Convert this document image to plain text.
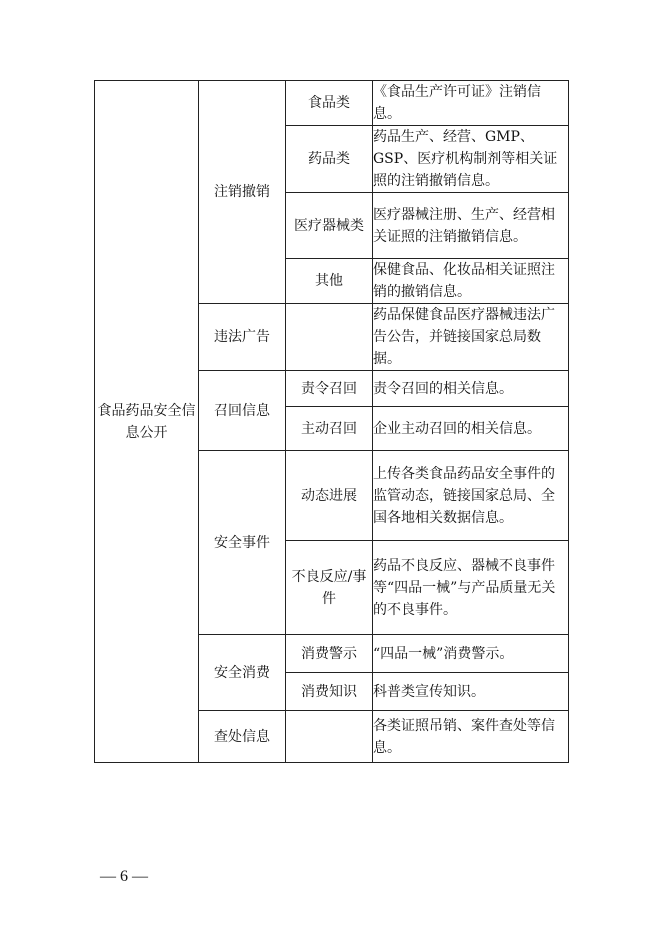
食品药品安全信息公开	注销撤销	食品类	《食品生产许可证》注销信息。
		药品类	药品生产、经营、GMP、GSP、医疗机构制剂等相关证照的注销撤销信息。
		医疗器械类	医疗器械注册、生产、经营相关证照的注销撤销信息。
		其他	保健食品、化妆品相关证照注销的撤销信息。
	违法广告		药品保健食品医疗器械违法广告公告，并链接国家总局数据。
	召回信息	责令召回	责令召回的相关信息。
		主动召回	企业主动召回的相关信息。
	安全事件	动态进展	上传各类食品药品安全事件的监管动态，链接国家总局、全国各地相关数据信息。
		不良反应/事件	药品不良反应、器械不良事件等“四品一械”与产品质量无关的不良事件。
	安全消费	消费警示	“四品一械”消费警示。
		消费知识	科普类宣传知识。
	查处信息		各类证照吊销、案件查处等信息。
— 6 —
